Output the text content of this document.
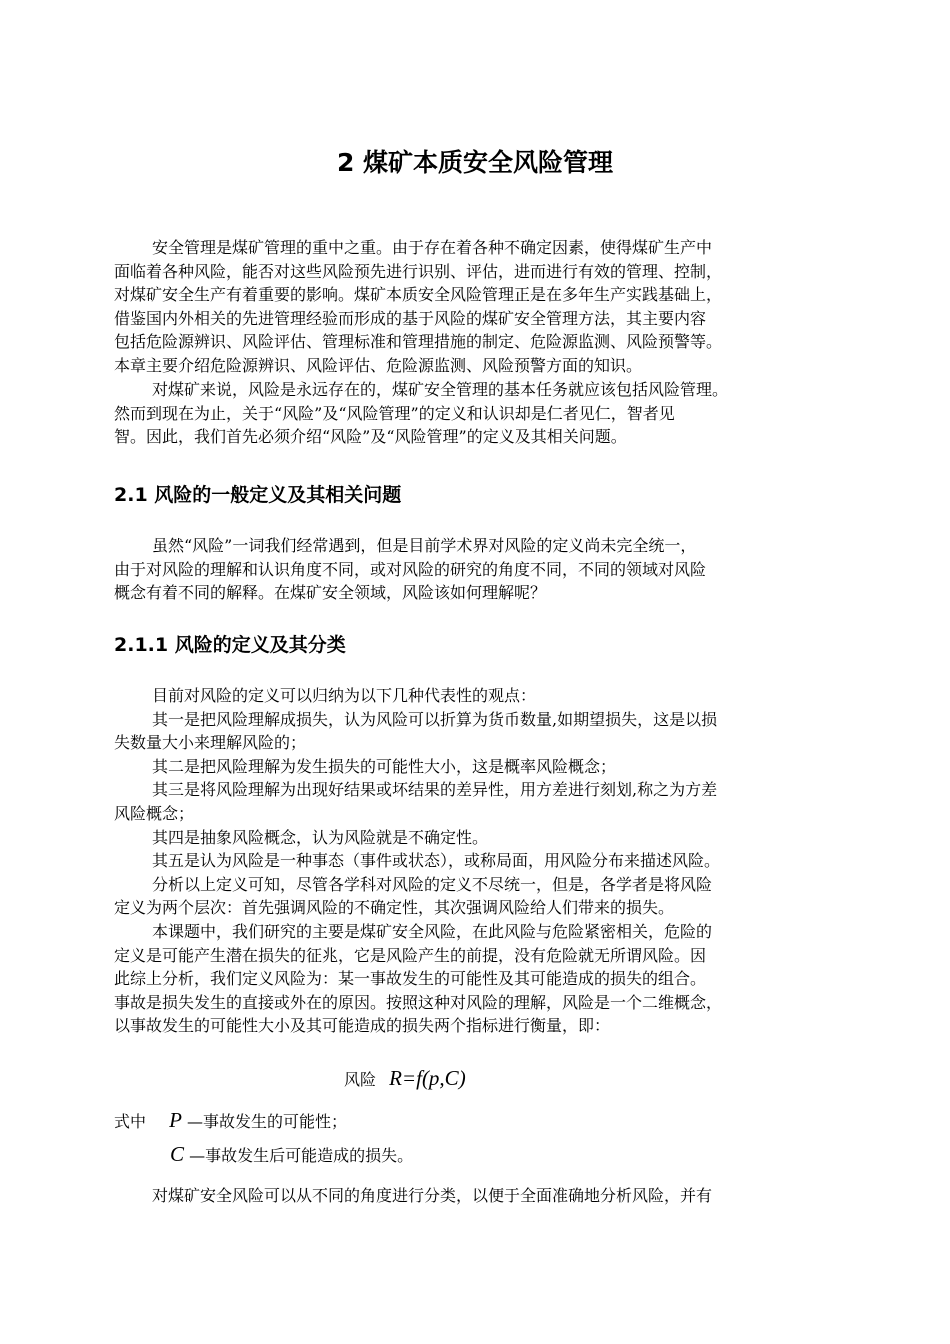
2 煤矿本质安全风险管理
安全管理是煤矿管理的重中之重。由于存在着各种不确定因素，使得煤矿生产中
面临着各种风险，能否对这些风险预先进行识别、评估，进而进行有效的管理、控制，
对煤矿安全生产有着重要的影响。煤矿本质安全风险管理正是在多年生产实践基础上，
借鉴国内外相关的先进管理经验而形成的基于风险的煤矿安全管理方法，其主要内容
包括危险源辨识、风险评估、管理标准和管理措施的制定、危险源监测、风险预警等。
本章主要介绍危险源辨识、风险评估、危险源监测、风险预警方面的知识。
对煤矿来说，风险是永远存在的，煤矿安全管理的基本任务就应该包括风险管理。
然而到现在为止，关于“风险”及“风险管理”的定义和认识却是仁者见仁，智者见
智。因此，我们首先必须介绍“风险”及“风险管理”的定义及其相关问题。
2.1 风险的一般定义及其相关问题
虽然“风险”一词我们经常遇到，但是目前学术界对风险的定义尚未完全统一，
由于对风险的理解和认识角度不同，或对风险的研究的角度不同，不同的领域对风险
概念有着不同的解释。在煤矿安全领域，风险该如何理解呢？
2.1.1 风险的定义及其分类
目前对风险的定义可以归纳为以下几种代表性的观点：
其一是把风险理解成损失，认为风险可以折算为货币数量,如期望损失，这是以损
失数量大小来理解风险的；
其二是把风险理解为发生损失的可能性大小，这是概率风险概念；
其三是将风险理解为出现好结果或坏结果的差异性，用方差进行刻划,称之为方差
风险概念；
其四是抽象风险概念，认为风险就是不确定性。
其五是认为风险是一种事态（事件或状态），或称局面，用风险分布来描述风险。
分析以上定义可知，尽管各学科对风险的定义不尽统一，但是，各学者是将风险
定义为两个层次：首先强调风险的不确定性，其次强调风险给人们带来的损失。
本课题中，我们研究的主要是煤矿安全风险，在此风险与危险紧密相关，危险的
定义是可能产生潜在损失的征兆，它是风险产生的前提，没有危险就无所谓风险。因
此综上分析，我们定义风险为：某一事故发生的可能性及其可能造成的损失的组合。
事故是损失发生的直接或外在的原因。按照这种对风险的理解，风险是一个二维概念，
以事故发生的可能性大小及其可能造成的损失两个指标进行衡量，即：
风险 R=f(p,C)
式中 P —事故发生的可能性；
C —事故发生后可能造成的损失。
对煤矿安全风险可以从不同的角度进行分类，以便于全面准确地分析风险，并有
